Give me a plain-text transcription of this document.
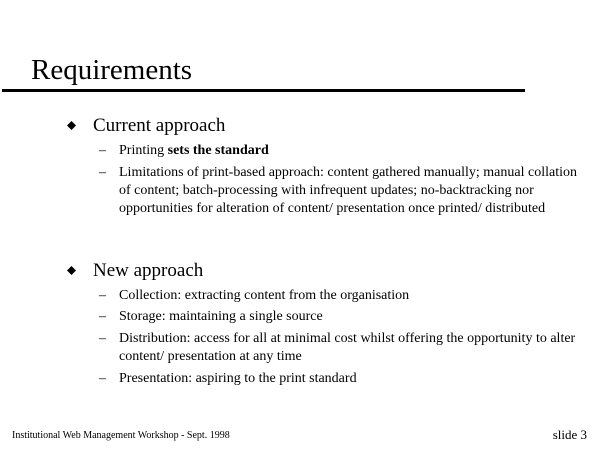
Requirements
Current approach
– Printing sets the standard
– Limitations of print-based approach: content gathered manually; manual collation of content; batch-processing with infrequent updates; no-backtracking nor opportunities for alteration of content/ presentation once printed/ distributed
New approach
– Collection: extracting content from the organisation
– Storage: maintaining a single source
– Distribution: access for all at minimal cost whilst offering the opportunity to alter content/ presentation at any time
– Presentation: aspiring to the print standard
Institutional Web Management Workshop - Sept. 1998	slide 3
